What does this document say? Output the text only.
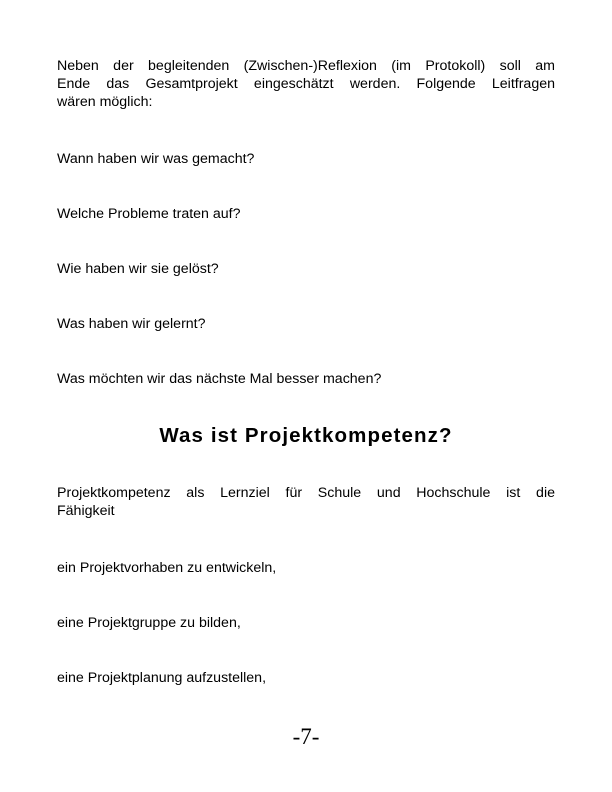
Neben der begleitenden (Zwischen-)Reflexion (im Protokoll) soll am
Ende das Gesamtprojekt eingeschätzt werden. Folgende Leitfragen
wären möglich:

Wann haben wir was gemacht?

Welche Probleme traten auf?

Wie haben wir sie gelöst?

Was haben wir gelernt?

Was möchten wir das nächste Mal besser machen?

Was ist Projektkompetenz?

Projektkompetenz als Lernziel für Schule und Hochschule ist die
Fähigkeit

ein Projektvorhaben zu entwickeln,

eine Projektgruppe zu bilden,

eine Projektplanung aufzustellen,

-7-
